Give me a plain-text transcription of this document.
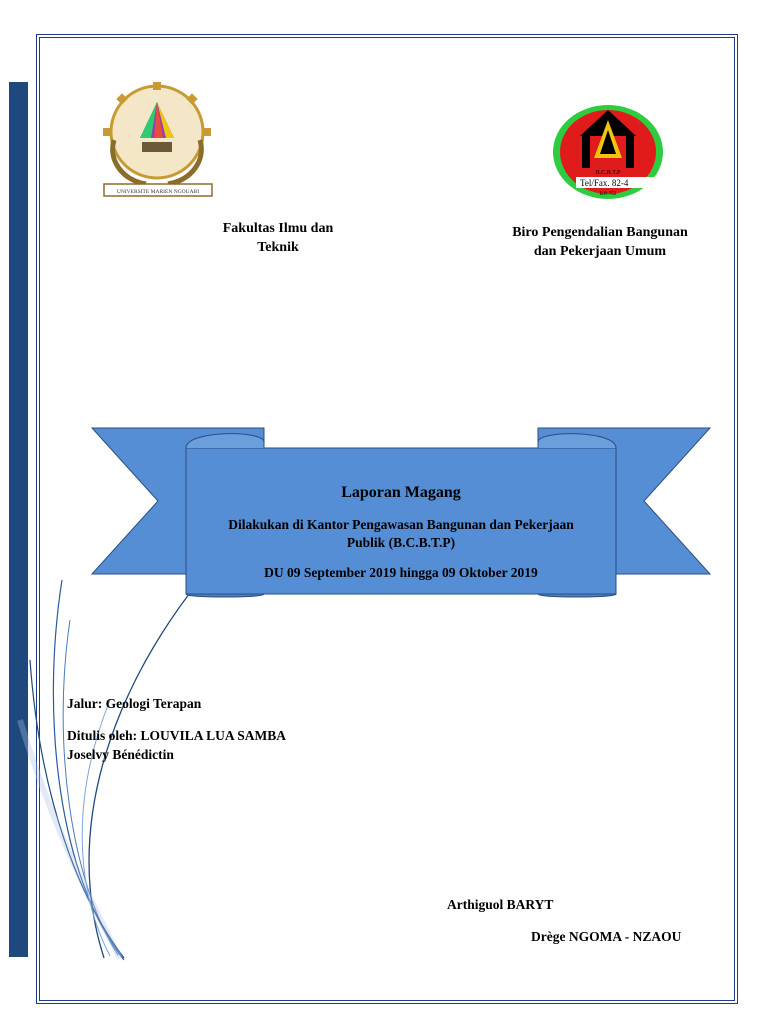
UNIVERSITE MARIEN NGOUABI
B.C.B.T.P
Tel/Fax. 82-4
B.P. 752
Fakultas Ilmu dan
Teknik
Biro Pengendalian Bangunan
dan Pekerjaan Umum

Laporan Magang

Dilakukan di Kantor Pengawasan Bangunan dan Pekerjaan

Publik (B.C.B.T.P)

DU 09 September 2019 hingga 09 Oktober 2019

Jalur: Geologi Terapan
Ditulis oleh: LOUVILA LUA SAMBA
Joselvy Bénédictin
Arthiguol BARYT
Drège NGOMA - NZAOU
